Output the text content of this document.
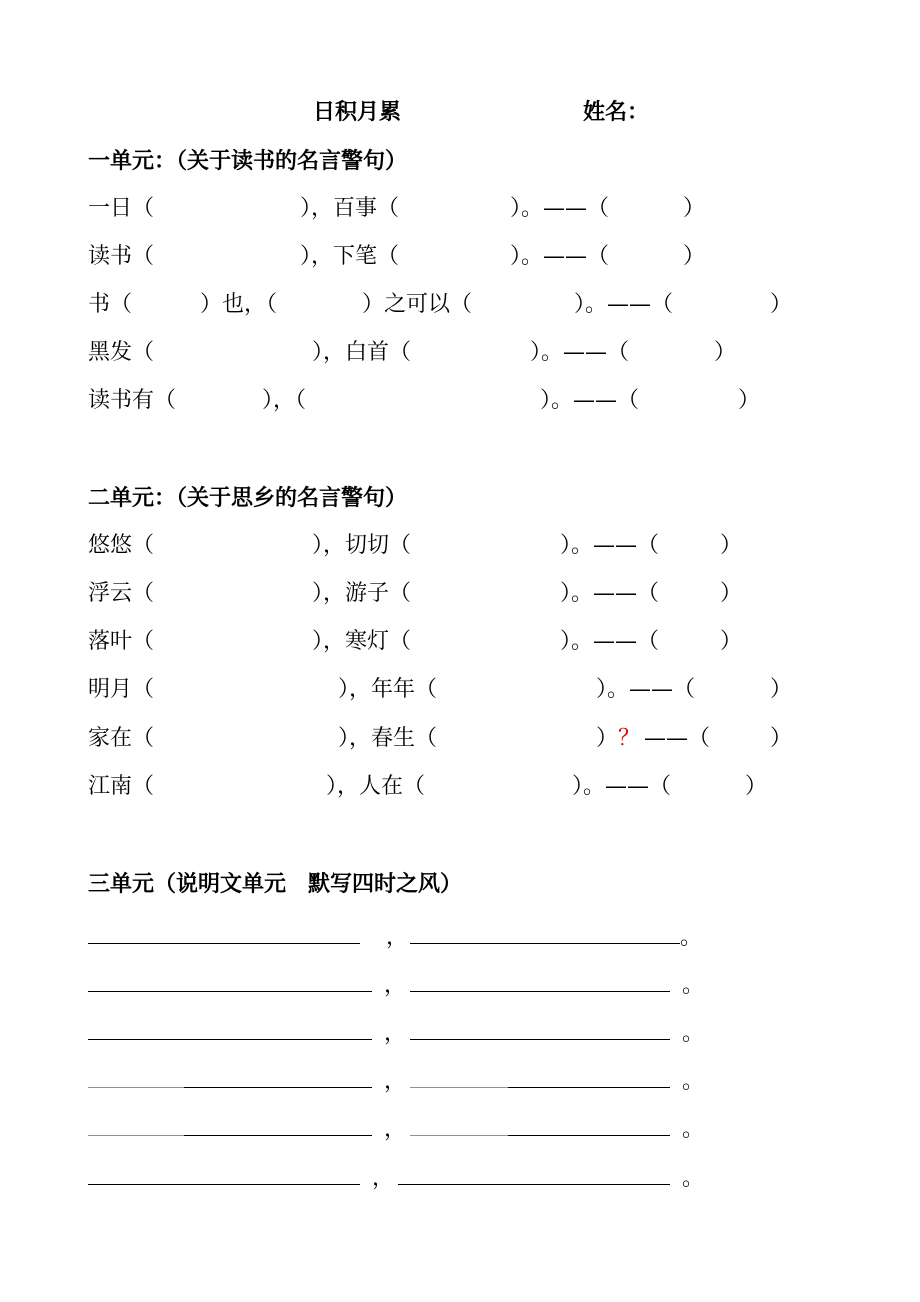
日积月累	姓名：
一单元：（关于读书的名言警句）
一日（	），百事（	）。——（	）
读书（	），下笔（	）。——（	）
书（	）也，（	）之可以（	）。——（	）
黑发（	），白首（	）。——（	）
读书有（	），（	）。——（	）
二单元：（关于思乡的名言警句）
悠悠（	），切切（	）。——（	）
浮云（	），游子（	）。——（	）
落叶（	），寒灯（	）。——（	）
明月（	），年年（	）。——（	）
家在（	），春生（	） ？ ——（	）
江南（	），人在（	）。——（	）
三单元（说明文单元　默写四时之风）
，	。
，	。
，	。
，	。
，	。
，	。
